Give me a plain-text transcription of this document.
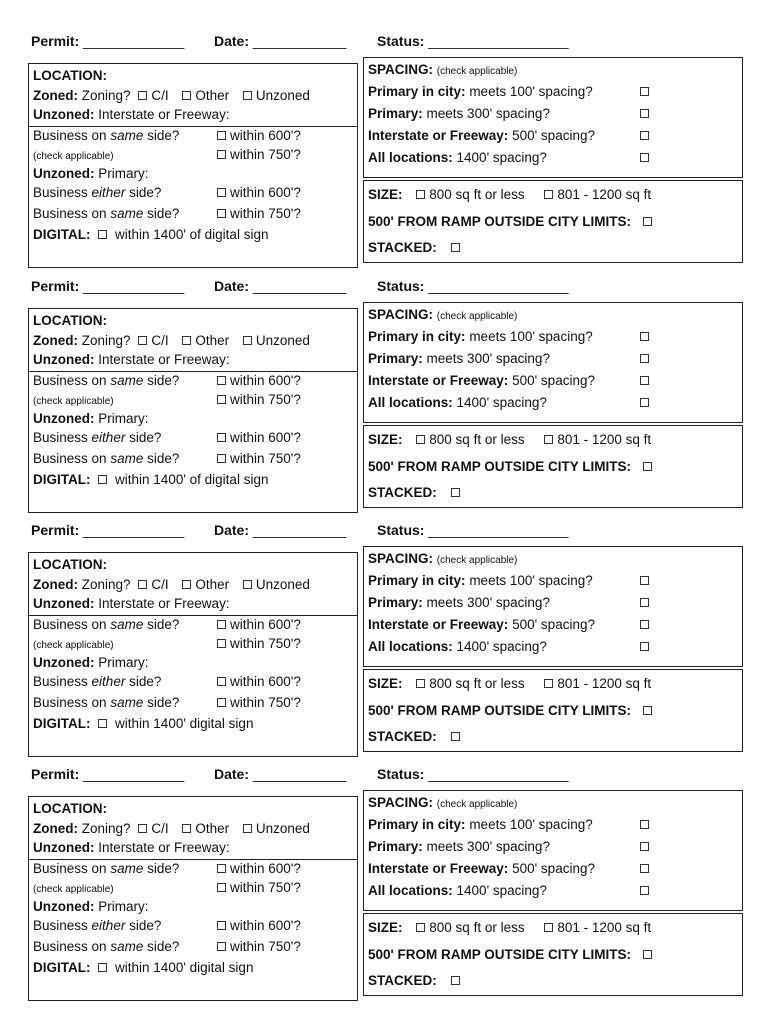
Permit: _____________ Date: ____________ Status: __________________
LOCATION:
Zoned: Zoning? C/I Other Unzoned
Unzoned: Interstate or Freeway:
Business on same side?	within 600'?
(check applicable)	within 750'?
Unzoned: Primary:
Business either side?	within 600'?
Business on same side?	within 750'?
DIGITAL: within 1400' of digital sign
SPACING: (check applicable)
Primary in city: meets 100' spacing?
Primary: meets 300' spacing?
Interstate or Freeway: 500' spacing?
All locations: 1400' spacing?
SIZE: 800 sq ft or less 801 - 1200 sq ft
500' FROM RAMP OUTSIDE CITY LIMITS:
STACKED:
Permit: _____________ Date: ____________ Status: __________________
LOCATION:
Zoned: Zoning? C/I Other Unzoned
Unzoned: Interstate or Freeway:
Business on same side?	within 600'?
(check applicable)	within 750'?
Unzoned: Primary:
Business either side?	within 600'?
Business on same side?	within 750'?
DIGITAL: within 1400' of digital sign
SPACING: (check applicable)
Primary in city: meets 100' spacing?
Primary: meets 300' spacing?
Interstate or Freeway: 500' spacing?
All locations: 1400' spacing?
SIZE: 800 sq ft or less 801 - 1200 sq ft
500' FROM RAMP OUTSIDE CITY LIMITS:
STACKED:
Permit: _____________ Date: ____________ Status: __________________
LOCATION:
Zoned: Zoning? C/I Other Unzoned
Unzoned: Interstate or Freeway:
Business on same side?	within 600'?
(check applicable)	within 750'?
Unzoned: Primary:
Business either side?	within 600'?
Business on same side?	within 750'?
DIGITAL: within 1400' digital sign
SPACING: (check applicable)
Primary in city: meets 100' spacing?
Primary: meets 300' spacing?
Interstate or Freeway: 500' spacing?
All locations: 1400' spacing?
SIZE: 800 sq ft or less 801 - 1200 sq ft
500' FROM RAMP OUTSIDE CITY LIMITS:
STACKED:
Permit: _____________ Date: ____________ Status: __________________
LOCATION:
Zoned: Zoning? C/I Other Unzoned
Unzoned: Interstate or Freeway:
Business on same side?	within 600'?
(check applicable)	within 750'?
Unzoned: Primary:
Business either side?	within 600'?
Business on same side?	within 750'?
DIGITAL: within 1400' digital sign
SPACING: (check applicable)
Primary in city: meets 100' spacing?
Primary: meets 300' spacing?
Interstate or Freeway: 500' spacing?
All locations: 1400' spacing?
SIZE: 800 sq ft or less 801 - 1200 sq ft
500' FROM RAMP OUTSIDE CITY LIMITS:
STACKED:
